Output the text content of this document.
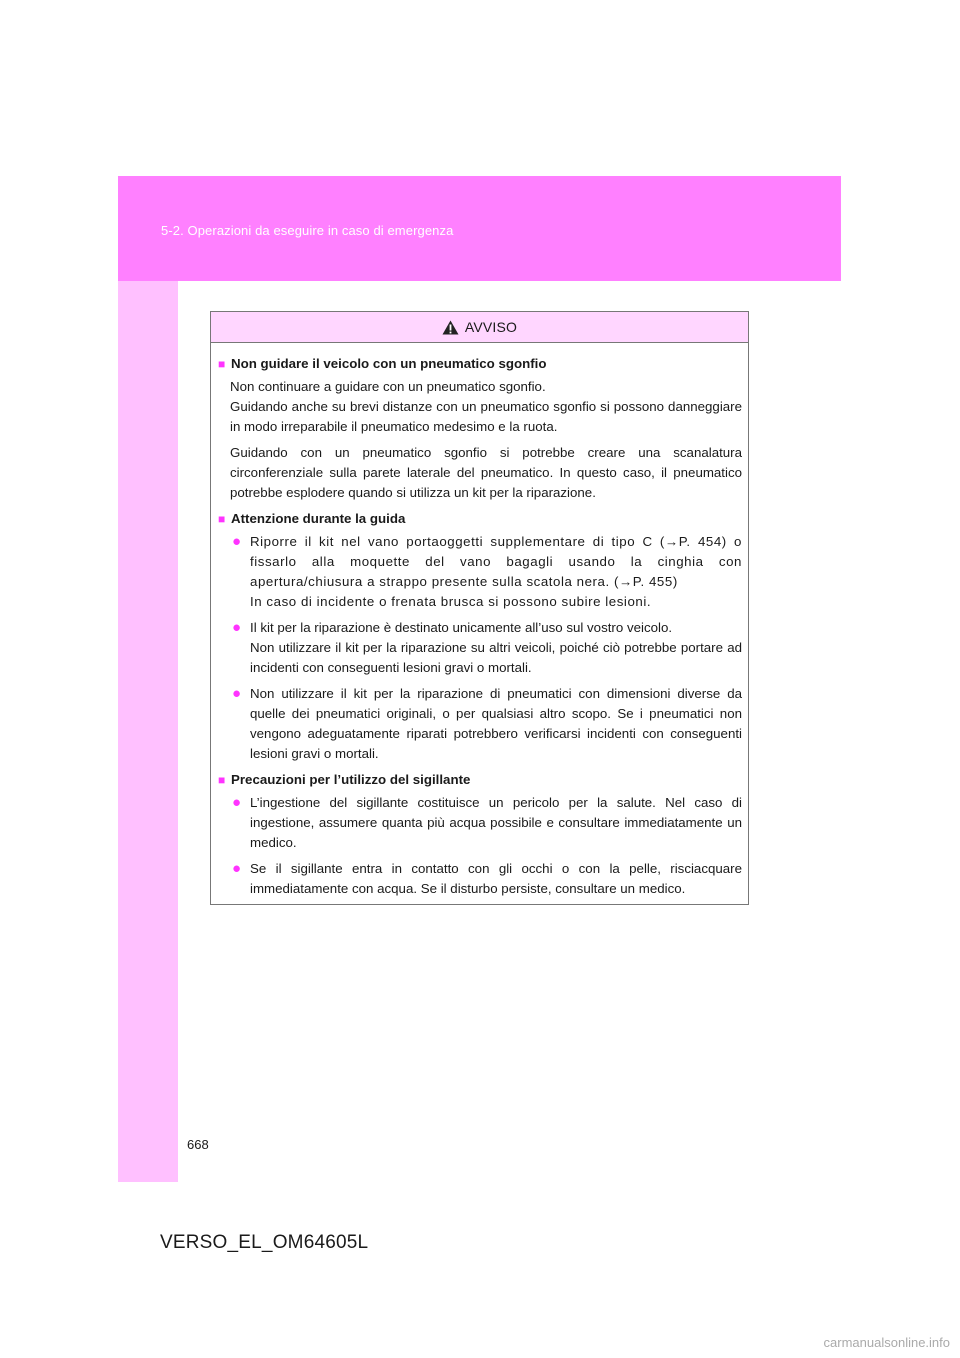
5-2. Operazioni da eseguire in caso di emergenza
AVVISO
■ Non guidare il veicolo con un pneumatico sgonfio
Non continuare a guidare con un pneumatico sgonfio.
Guidando anche su brevi distanze con un pneumatico sgonfio si possono danneggiare in modo irreparabile il pneumatico medesimo e la ruota.
Guidando con un pneumatico sgonfio si potrebbe creare una scanalatura circonferenziale sulla parete laterale del pneumatico. In questo caso, il pneumatico potrebbe esplodere quando si utilizza un kit per la riparazione.
■ Attenzione durante la guida
● Riporre il kit nel vano portaoggetti supplementare di tipo C (→P. 454) o fissarlo alla moquette del vano bagagli usando la cinghia con apertura/chiusura a strappo presente sulla scatola nera. (→P. 455)
In caso di incidente o frenata brusca si possono subire lesioni.
● Il kit per la riparazione è destinato unicamente all’uso sul vostro veicolo.
Non utilizzare il kit per la riparazione su altri veicoli, poiché ciò potrebbe portare ad incidenti con conseguenti lesioni gravi o mortali.
● Non utilizzare il kit per la riparazione di pneumatici con dimensioni diverse da quelle dei pneumatici originali, o per qualsiasi altro scopo. Se i pneumatici non vengono adeguatamente riparati potrebbero verificarsi incidenti con conseguenti lesioni gravi o mortali.
■ Precauzioni per l’utilizzo del sigillante
● L’ingestione del sigillante costituisce un pericolo per la salute. Nel caso di ingestione, assumere quanta più acqua possibile e consultare immediatamente un medico.
● Se il sigillante entra in contatto con gli occhi o con la pelle, risciacquare immediatamente con acqua. Se il disturbo persiste, consultare un medico.
668
VERSO_EL_OM64605L
carmanualsonline.info
